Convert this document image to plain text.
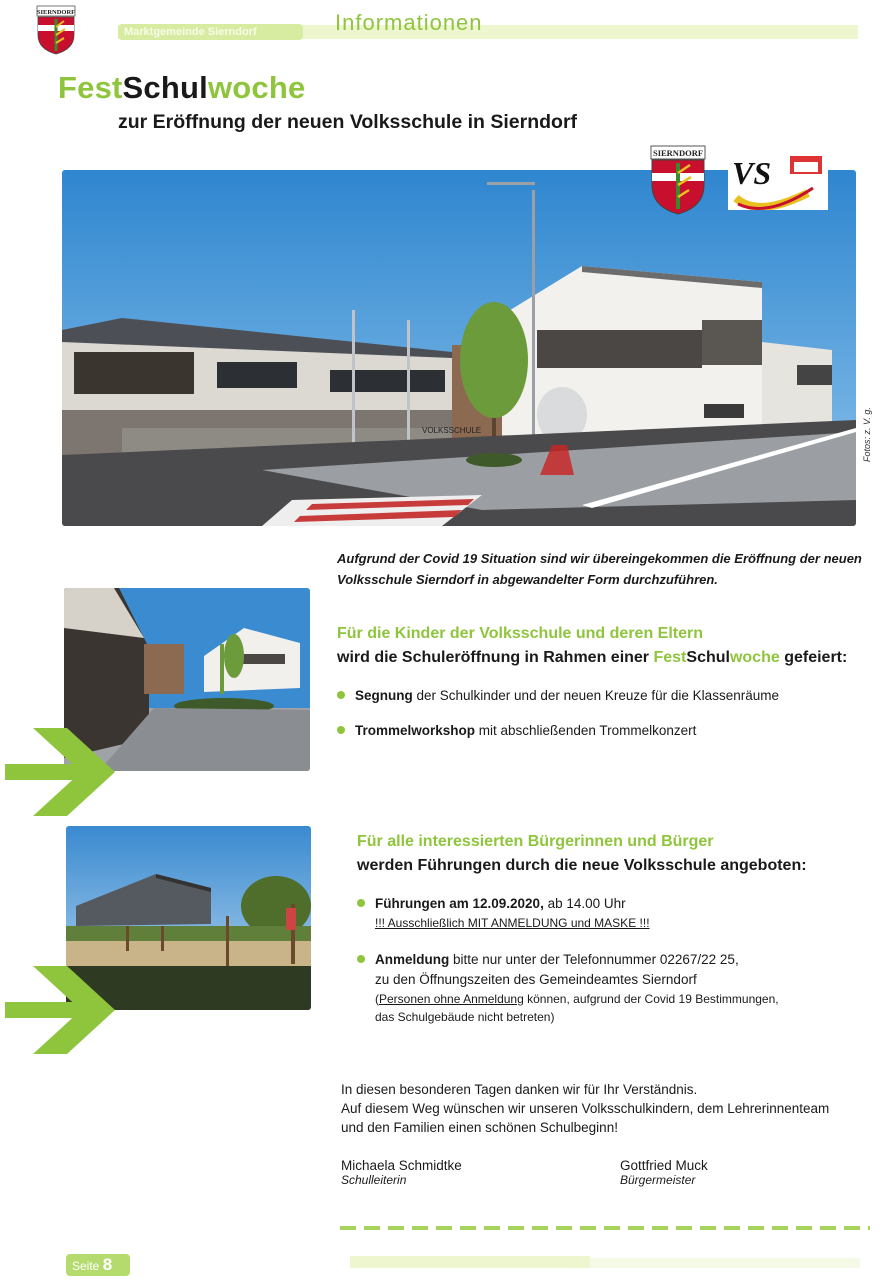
SIERNDORF
Marktgemeinde Sierndorf	Informationen
FestSchulwoche
zur Eröffnung der neuen Volksschule in Sierndorf
VOLKSSCHULE
SIERNDORF
VS
Fotos: z. V. g.
Aufgrund der Covid 19 Situation sind wir übereingekommen die Eröffnung der neuen Volksschule Sierndorf in abgewandelter Form durchzuführen.
Für die Kinder der Volksschule und deren Eltern
wird die Schuleröffnung in Rahmen einer FestSchulwoche gefeiert:
Segnung der Schulkinder und der neuen Kreuze für die Klassenräume
Trommelworkshop mit abschließenden Trommelkonzert
Für alle interessierten Bürgerinnen und Bürger
werden Führungen durch die neue Volksschule angeboten:
Führungen am 12.09.2020, ab 14.00 Uhr
!!! Ausschließlich MIT ANMELDUNG und MASKE !!!
Anmeldung bitte nur unter der Telefonnummer 02267/22 25,
zu den Öffnungszeiten des Gemeindeamtes Sierndorf
(Personen ohne Anmeldung können, aufgrund der Covid 19 Bestimmungen,
das Schulgebäude nicht betreten)
In diesen besonderen Tagen danken wir für Ihr Verständnis.
Auf diesem Weg wünschen wir unseren Volksschulkindern, dem Lehrerinnenteam
und den Familien einen schönen Schulbeginn!
Michaela Schmidtke
Schulleiterin
Gottfried Muck
Bürgermeister
Seite 8
